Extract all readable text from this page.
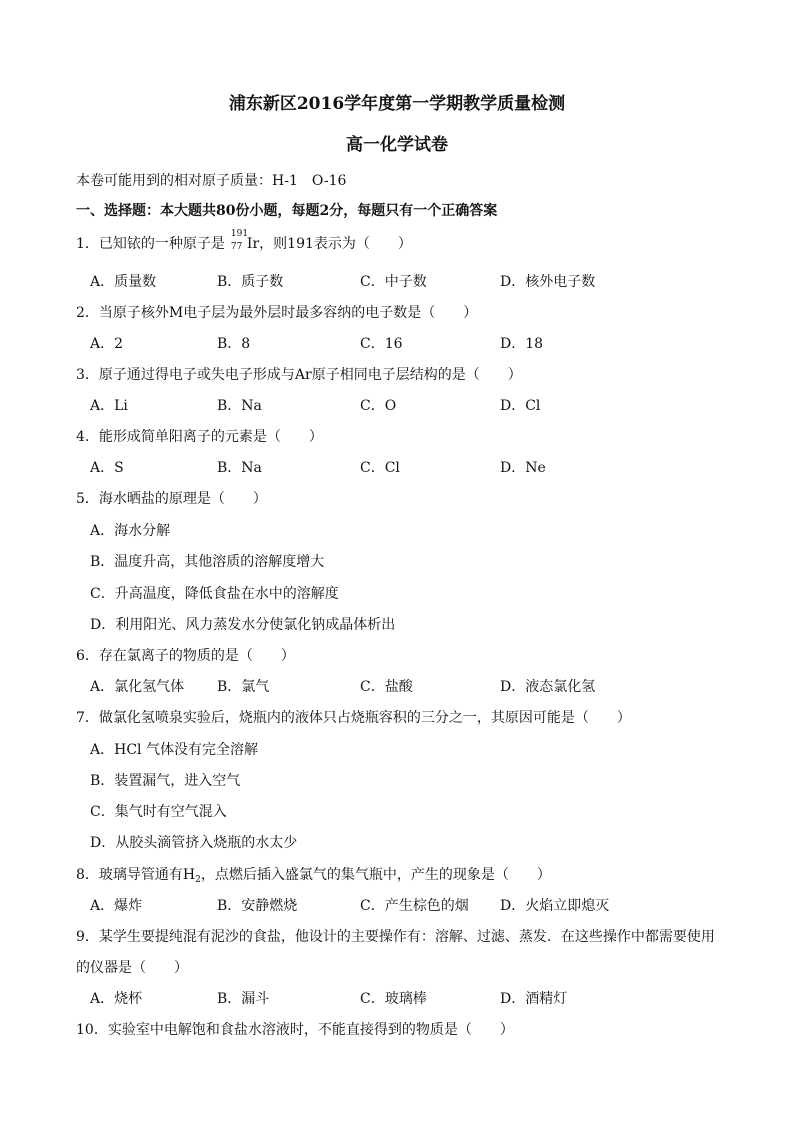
浦东新区2016学年度第一学期教学质量检测
高一化学试卷
本卷可能用到的相对原子质量：H-1　O-16
一、选择题：本大题共80份小题，每题2分，每题只有一个正确答案
1．已知铱的一种原子是
191
77 Ir，则191表示为（　　）
A．质量数	B．质子数	C．中子数	D．核外电子数
2．当原子核外M电子层为最外层时最多容纳的电子数是（　　）
A．2	B．8	C．16	D．18
3．原子通过得电子或失电子形成与Ar原子相同电子层结构的是（　　）
A．Li	B．Na	C．O	D．Cl
4．能形成简单阳离子的元素是（　　）
A．S	B．Na	C．Cl	D．Ne
5．海水晒盐的原理是（　　）
A．海水分解
B．温度升高，其他溶质的溶解度增大
C．升高温度，降低食盐在水中的溶解度
D．利用阳光、风力蒸发水分使氯化钠成晶体析出
6．存在氯离子的物质的是（　　）
A．氯化氢气体 B．氯气	C．盐酸	D．液态氯化氢
7．做氯化氢喷泉实验后，烧瓶内的液体只占烧瓶容积的三分之一，其原因可能是（　　）
A．HCl 气体没有完全溶解
B．装置漏气，进入空气
C．集气时有空气混入
D．从胶头滴管挤入烧瓶的水太少
8．玻璃导管通有$H_2$，点燃后插入盛氯气的集气瓶中，产生的现象是（　　）
A．爆炸	B．安静燃烧	C．产生棕色的烟 D．火焰立即熄灭
9．某学生要提纯混有泥沙的食盐，他设计的主要操作有：溶解、过滤、蒸发．在这些操作中都需要使用
的仪器是（　　）
A．烧杯	B．漏斗	C．玻璃棒	D．酒精灯
10．实验室中电解饱和食盐水溶液时，不能直接得到的物质是（　　）
